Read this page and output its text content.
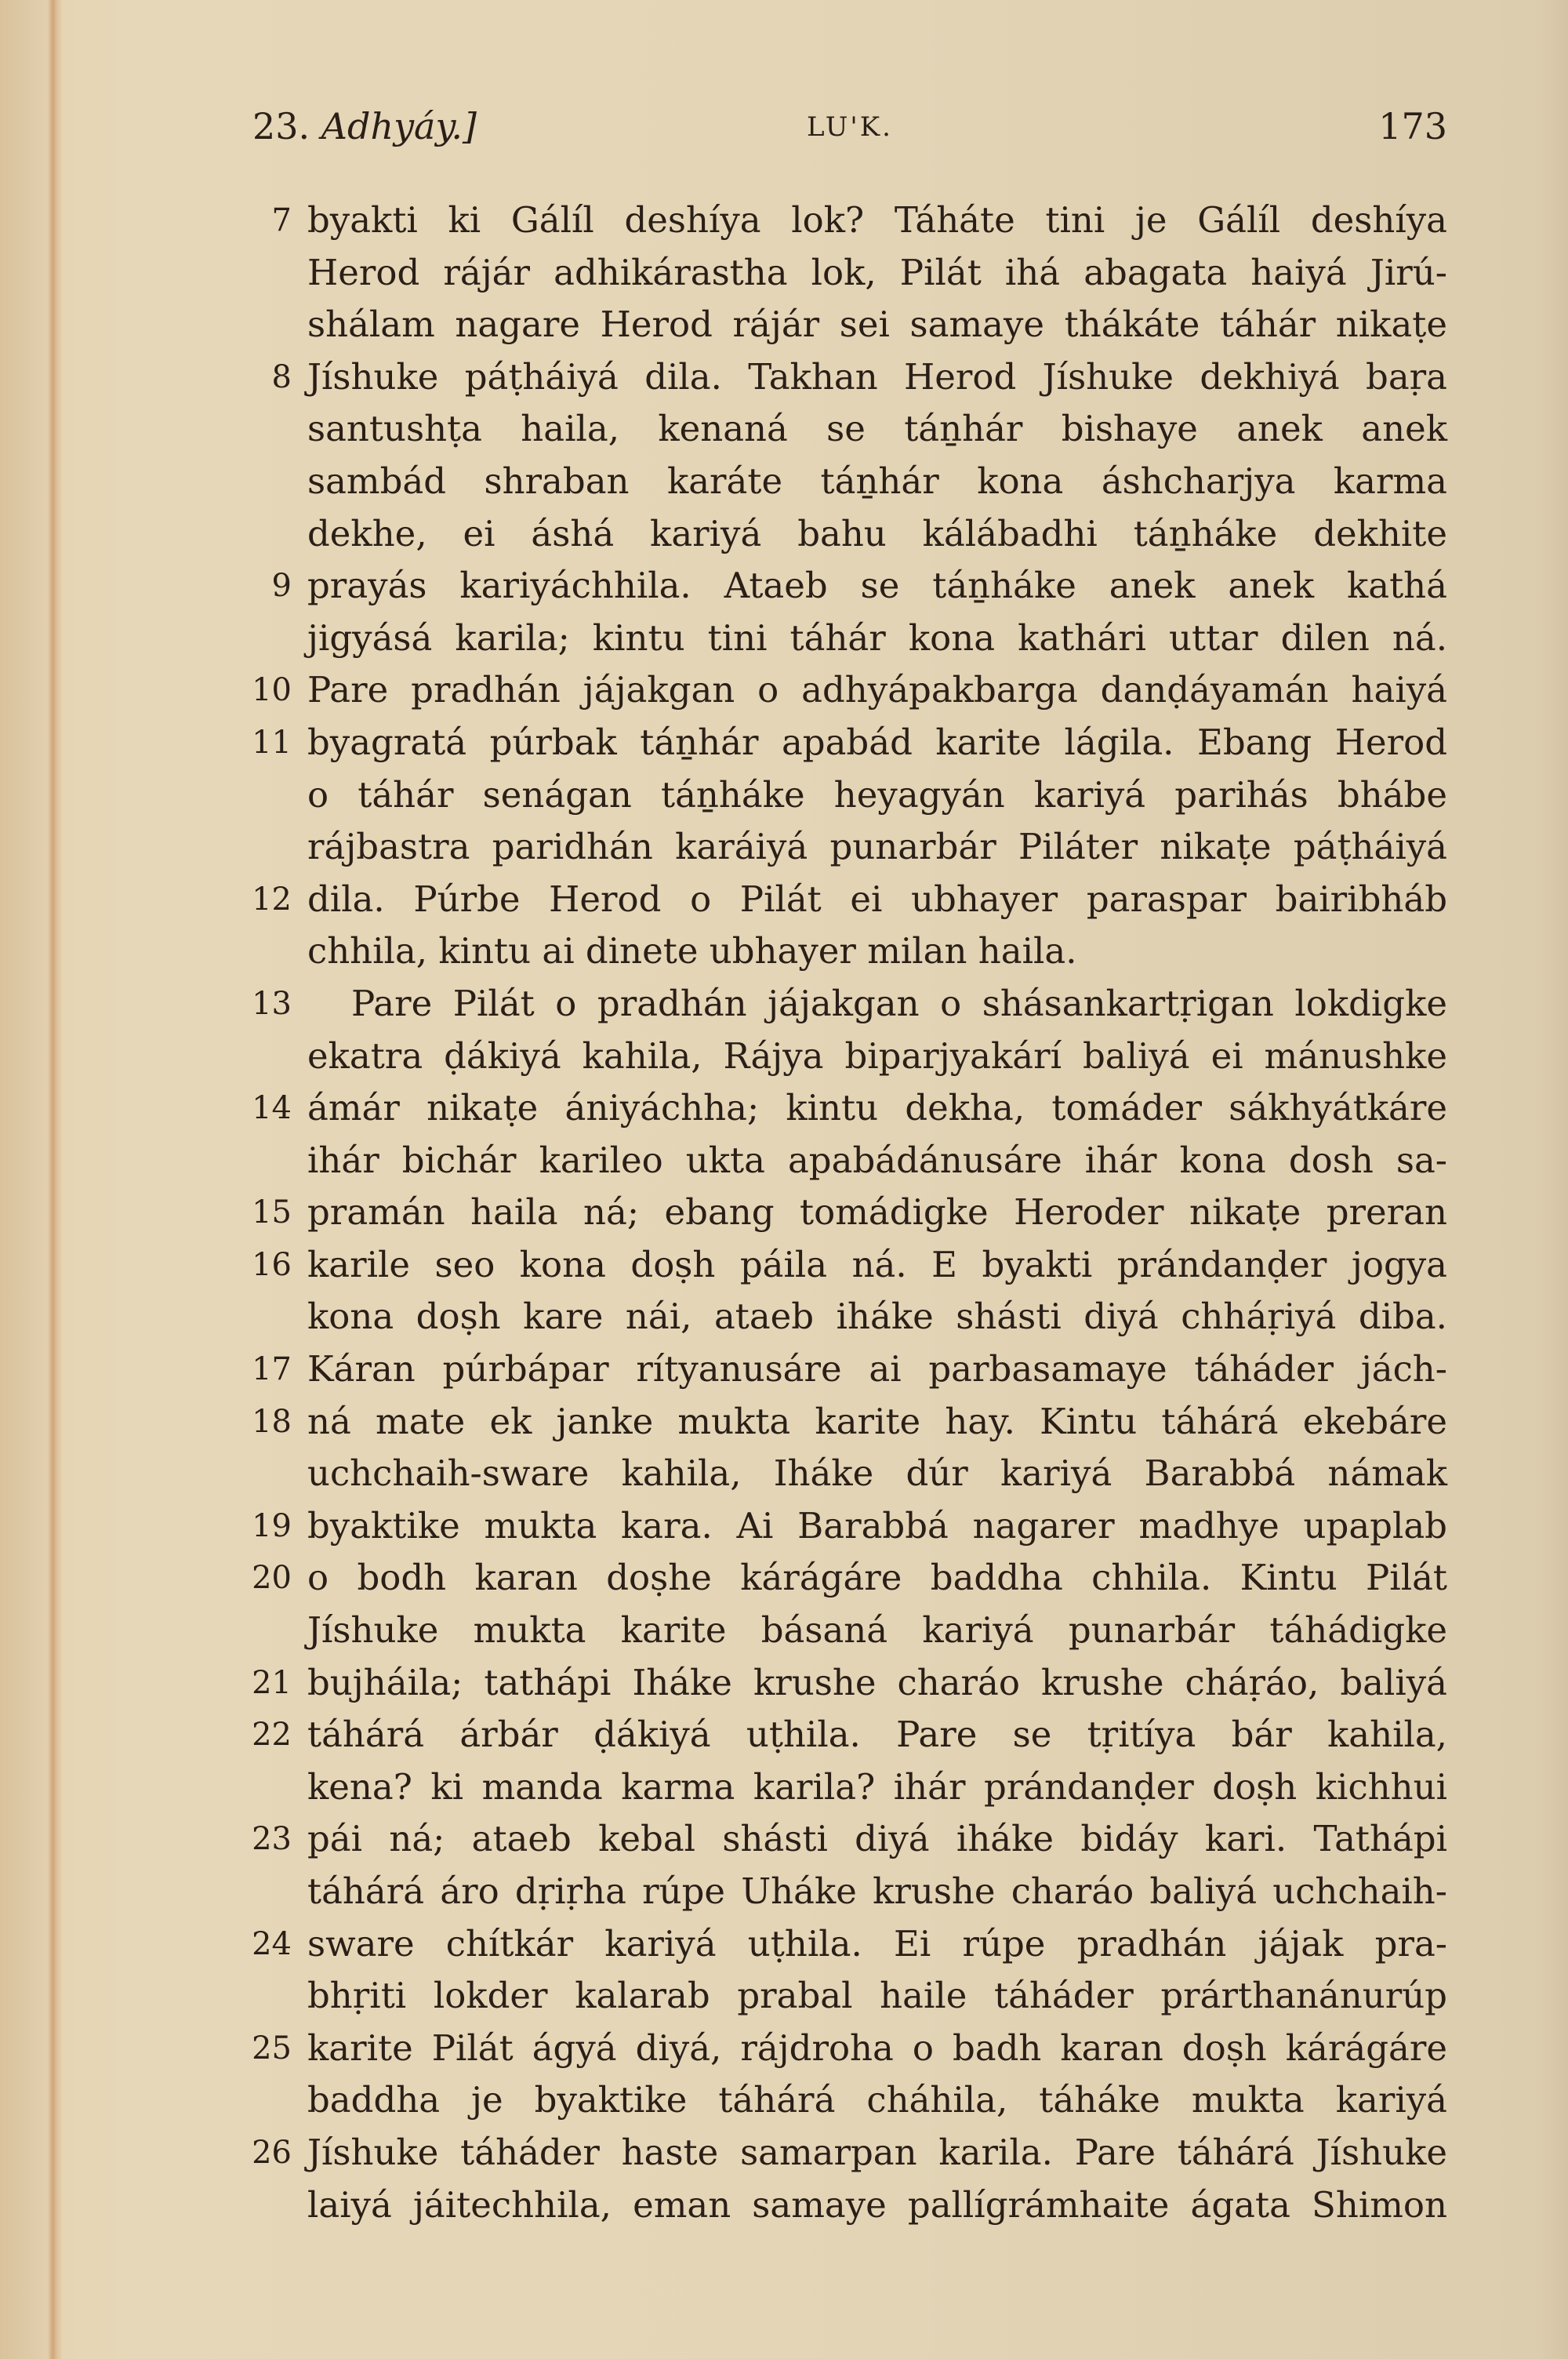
23. Adhyáy.]	LU'K.	173
7 byakti ki Gálíl deshíya lok? Táháte tini je Gálíl deshíya
Herod rájár adhikárastha lok, Pilát ihá abagata haiyá Jirú-
shálam nagare Herod rájár sei samaye thákáte táhár nikaṭe
8 Jíshuke páṭháiyá dila. Takhan Herod Jíshuke dekhiyá baṛa
santushṭa haila, kenaná se táṉhár bishaye anek anek
sambád shraban karáte táṉhár kona áshcharjya karma
dekhe, ei áshá kariyá bahu kálábadhi táṉháke dekhite
9 prayás kariyáchhila. Ataeb se táṉháke anek anek kathá
jigyásá karila; kintu tini táhár kona kathári uttar dilen ná.
10 Pare pradhán jájakgan o adhyápakbarga danḍáyamán haiyá
11 byagratá púrbak táṉhár apabád karite lágila. Ebang Herod
o táhár senágan táṉháke heyagyán kariyá parihás bhábe
rájbastra paridhán karáiyá punarbár Piláter nikaṭe páṭháiyá
12 dila. Púrbe Herod o Pilát ei ubhayer paraspar bairibháb
chhila, kintu ai dinete ubhayer milan haila.
13 Pare Pilát o pradhán jájakgan o shásankartṛigan lokdigke
ekatra ḍákiyá kahila, Rájya biparjyakárí baliyá ei mánushke
14 ámár nikaṭe ániyáchha; kintu dekha, tomáder sákhyátkáre
ihár bichár karileo ukta apabádánusáre ihár kona dosh sa-
15 pramán haila ná; ebang tomádigke Heroder nikaṭe preran
16 karile seo kona doṣh páila ná. E byakti prándanḍer jogya
kona doṣh kare nái, ataeb iháke shásti diyá chháṛiyá diba.
17 Káran púrbápar rítyanusáre ai parbasamaye táháder jách-
18 ná mate ek janke mukta karite hay. Kintu táhárá ekebáre
uchchaih-sware kahila, Iháke dúr kariyá Barabbá námak
19 byaktike mukta kara. Ai Barabbá nagarer madhye upaplab
20 o bodh karan doṣhe kárágáre baddha chhila. Kintu Pilát
Jíshuke mukta karite básaná kariyá punarbár táhádigke
21 bujháila; tathápi Iháke krushe charáo krushe cháṛáo, baliyá
22 táhárá árbár ḍákiyá uṭhila. Pare se tṛitíya bár kahila,
kena? ki manda karma karila? ihár prándanḍer doṣh kichhui
23 pái ná; ataeb kebal shásti diyá iháke bidáy kari. Tathápi
táhárá áro dṛiṛha rúpe Uháke krushe charáo baliyá uchchaih-
24 sware chítkár kariyá uṭhila. Ei rúpe pradhán jájak pra-
bhṛiti lokder kalarab prabal haile táháder prárthanánurúp
25 karite Pilát ágyá diyá, rájdroha o badh karan doṣh kárágáre
baddha je byaktike táhárá cháhila, táháke mukta kariyá
26 Jíshuke táháder haste samarpan karila. Pare táhárá Jíshuke
laiyá jáitechhila, eman samaye pallígrámhaite ágata Shimon
